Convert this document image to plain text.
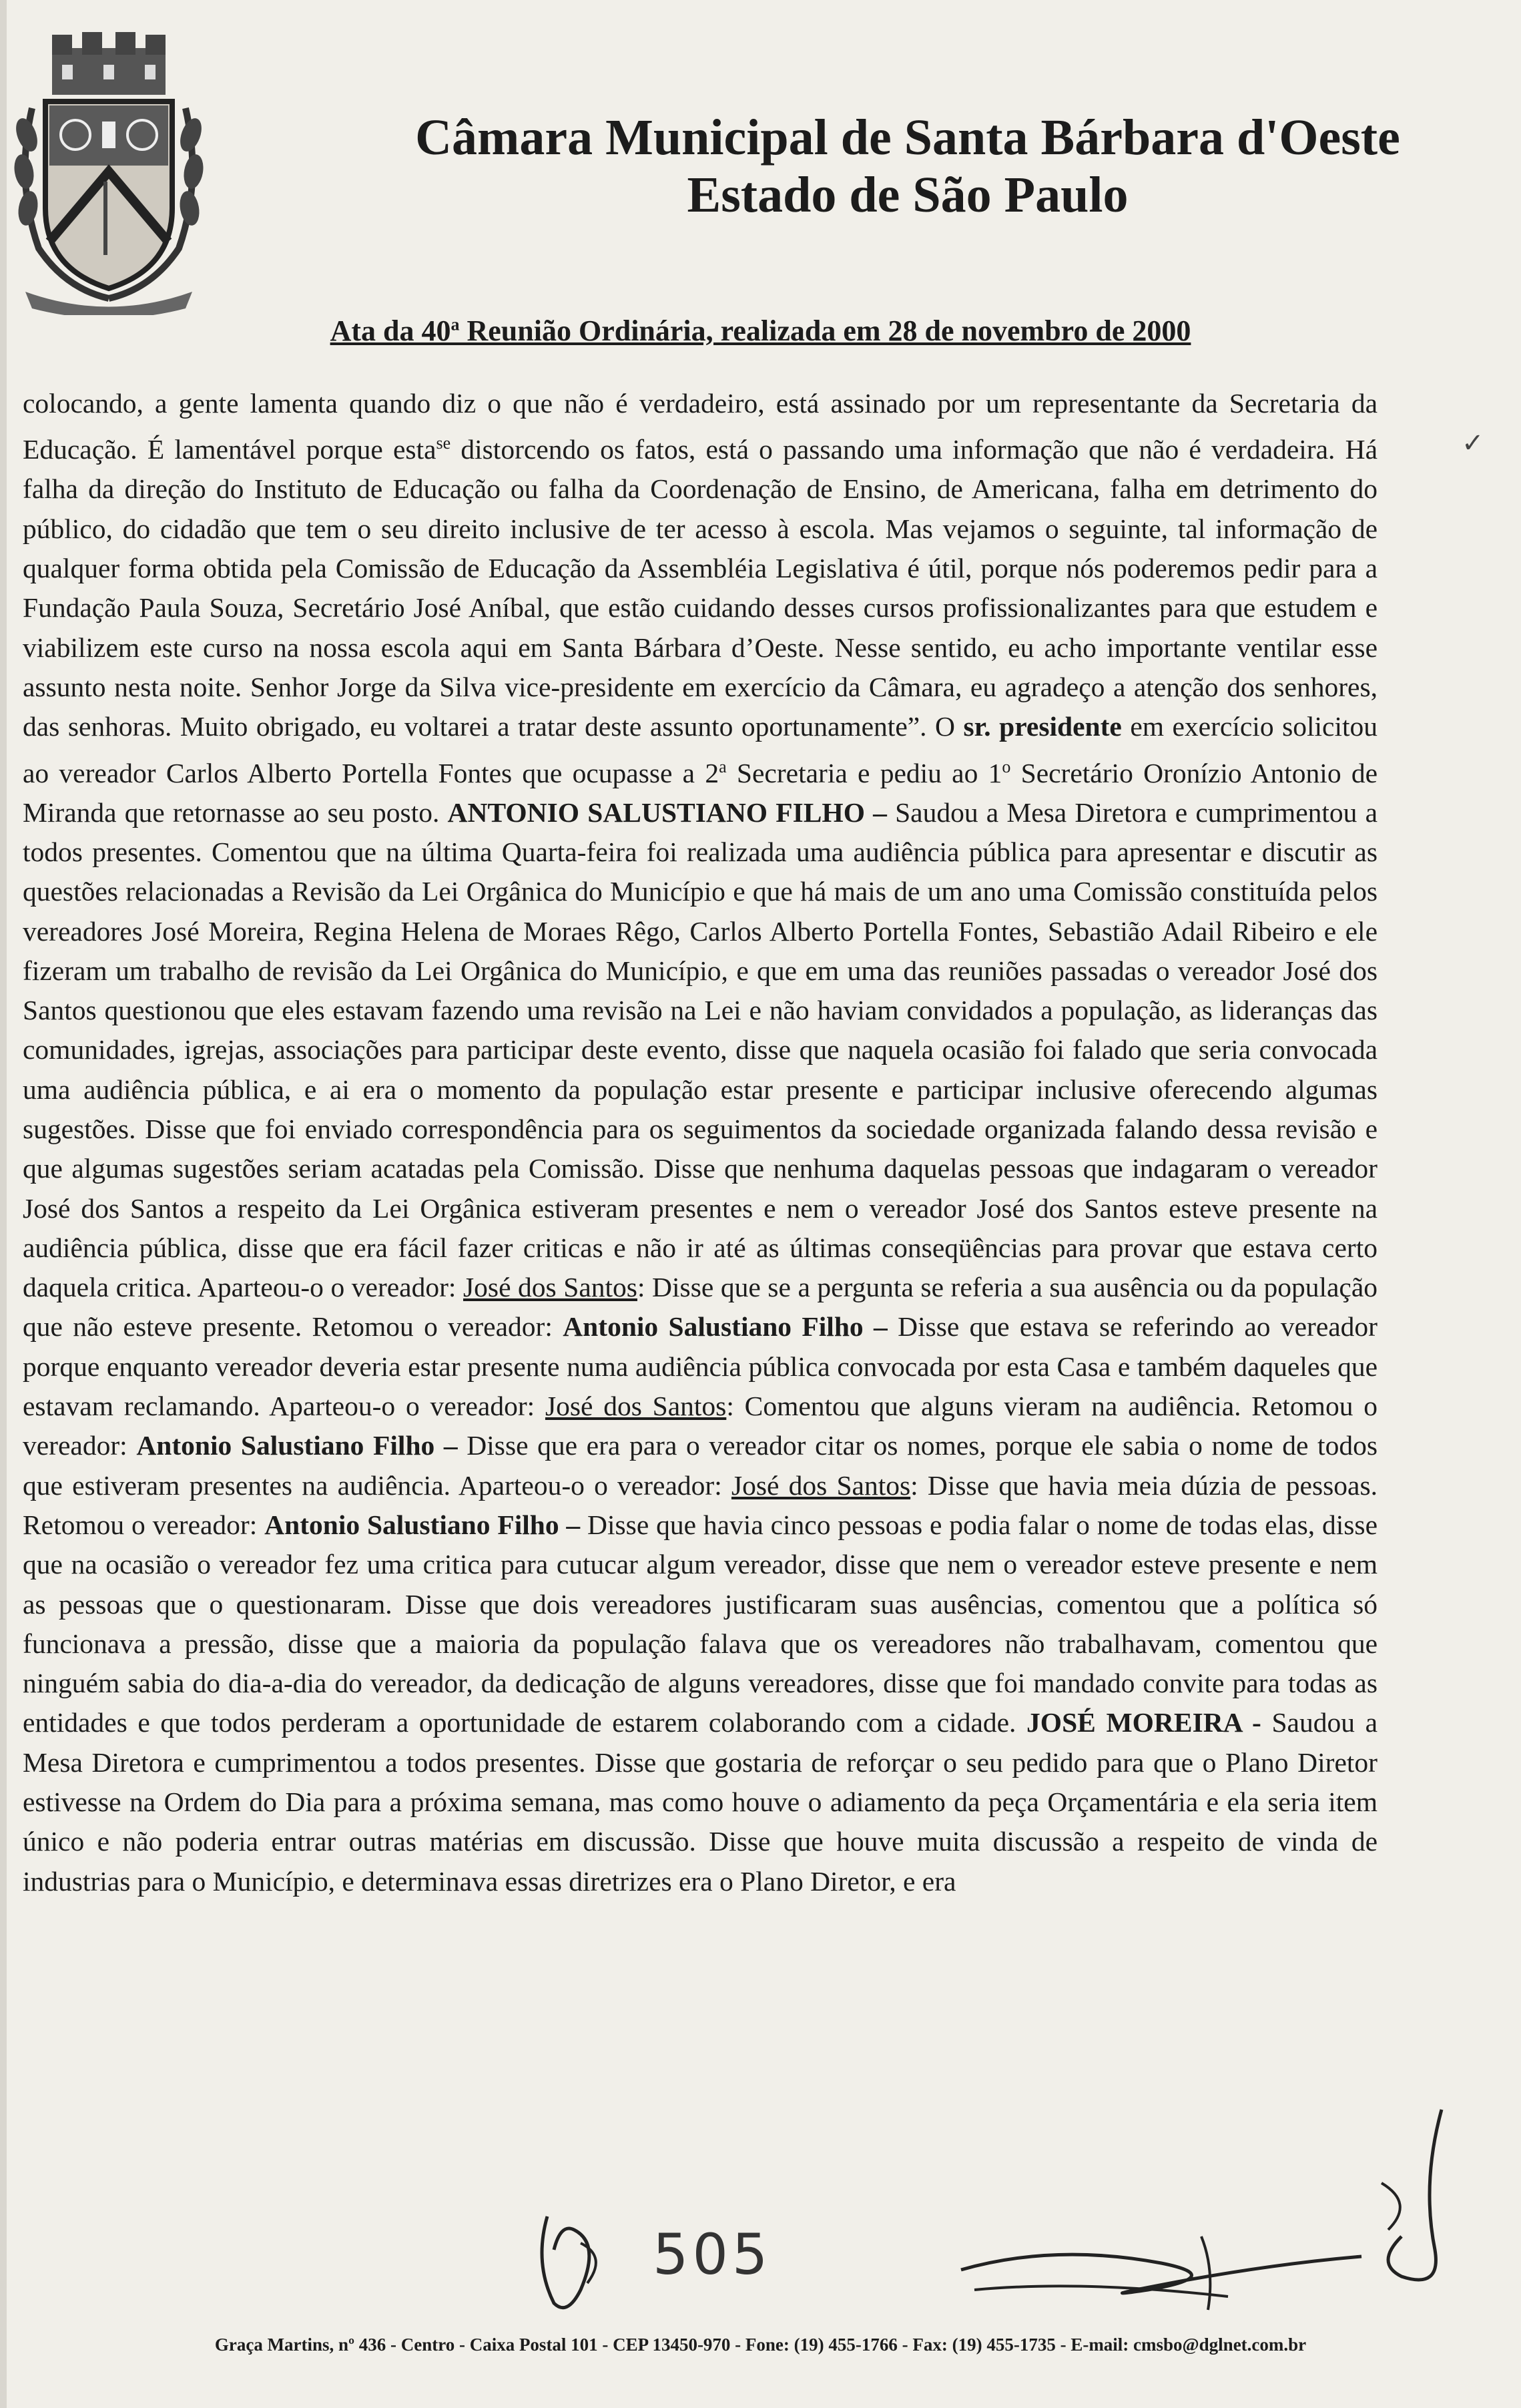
Câmara Municipal de Santa Bárbara d'Oeste
Estado de São Paulo
Ata da 40$^a$ Reunião Ordinária, realizada em 28 de novembro de 2000

colocando, a gente lamenta quando diz o que não é verdadeiro, está assinado por um representante da Secretaria da Educação. É lamentável porque esta$^{se}$ distorcendo os fatos, está o passando uma informação que não é verdadeira. Há falha da direção do Instituto de Educação ou falha da Coordenação de Ensino, de Americana, falha em detrimento do público, do cidadão que tem o seu direito inclusive de ter acesso à escola. Mas vejamos o seguinte, tal informação de qualquer forma obtida pela Comissão de Educação da Assembléia Legislativa é útil, porque nós poderemos pedir para a Fundação Paula Souza, Secretário José Aníbal, que estão cuidando desses cursos profissionalizantes para que estudem e viabilizem este curso na nossa escola aqui em Santa Bárbara d’Oeste. Nesse sentido, eu acho importante ventilar esse assunto nesta noite. Senhor Jorge da Silva vice-presidente em exercício da Câmara, eu agradeço a atenção dos senhores, das senhoras. Muito obrigado, eu voltarei a tratar deste assunto oportunamente”. O sr. presidente em exercício solicitou ao vereador Carlos Alberto Portella Fontes que ocupasse a 2$^a$ Secretaria e pediu ao 1$^o$ Secretário Oronízio Antonio de Miranda que retornasse ao seu posto. ANTONIO SALUSTIANO FILHO – Saudou a Mesa Diretora e cumprimentou a todos presentes. Comentou que na última Quarta-feira foi realizada uma audiência pública para apresentar e discutir as questões relacionadas a Revisão da Lei Orgânica do Município e que há mais de um ano uma Comissão constituída pelos vereadores José Moreira, Regina Helena de Moraes Rêgo, Carlos Alberto Portella Fontes, Sebastião Adail Ribeiro e ele fizeram um trabalho de revisão da Lei Orgânica do Município, e que em uma das reuniões passadas o vereador José dos Santos questionou que eles estavam fazendo uma revisão na Lei e não haviam convidados a população, as lideranças das comunidades, igrejas, associações para participar deste evento, disse que naquela ocasião foi falado que seria convocada uma audiência pública, e ai era o momento da população estar presente e participar inclusive oferecendo algumas sugestões. Disse que foi enviado correspondência para os seguimentos da sociedade organizada falando dessa revisão e que algumas sugestões seriam acatadas pela Comissão. Disse que nenhuma daquelas pessoas que indagaram o vereador José dos Santos a respeito da Lei Orgânica estiveram presentes e nem o vereador José dos Santos esteve presente na audiência pública, disse que era fácil fazer criticas e não ir até as últimas conseqüências para provar que estava certo daquela critica. Aparteou-o o vereador: José dos Santos: Disse que se a pergunta se referia a sua ausência ou da população que não esteve presente. Retomou o vereador: Antonio Salustiano Filho – Disse que estava se referindo ao vereador porque enquanto vereador deveria estar presente numa audiência pública convocada por esta Casa e também daqueles que estavam reclamando. Aparteou-o o vereador: José dos Santos: Comentou que alguns vieram na audiência. Retomou o vereador: Antonio Salustiano Filho – Disse que era para o vereador citar os nomes, porque ele sabia o nome de todos que estiveram presentes na audiência. Aparteou-o o vereador: José dos Santos: Disse que havia meia dúzia de pessoas. Retomou o vereador: Antonio Salustiano Filho – Disse que havia cinco pessoas e podia falar o nome de todas elas, disse que na ocasião o vereador fez uma critica para cutucar algum vereador, disse que nem o vereador esteve presente e nem as pessoas que o questionaram. Disse que dois vereadores justificaram suas ausências, comentou que a política só funcionava a pressão, disse que a maioria da população falava que os vereadores não trabalhavam, comentou que ninguém sabia do dia-a-dia do vereador, da dedicação de alguns vereadores, disse que foi mandado convite para todas as entidades e que todos perderam a oportunidade de estarem colaborando com a cidade. JOSÉ MOREIRA - Saudou a Mesa Diretora e cumprimentou a todos presentes. Disse que gostaria de reforçar o seu pedido para que o Plano Diretor estivesse na Ordem do Dia para a próxima semana, mas como houve o adiamento da peça Orçamentária e ela seria item único e não poderia entrar outras matérias em discussão. Disse que houve muita discussão a respeito de vinda de industrias para o Município, e determinava essas diretrizes era o Plano Diretor, e era

✓
505
Graça Martins, nº 436 - Centro - Caixa Postal 101 - CEP 13450-970 - Fone: (19) 455-1766 - Fax: (19) 455-1735 - E-mail: cmsbo@dglnet.com.br
